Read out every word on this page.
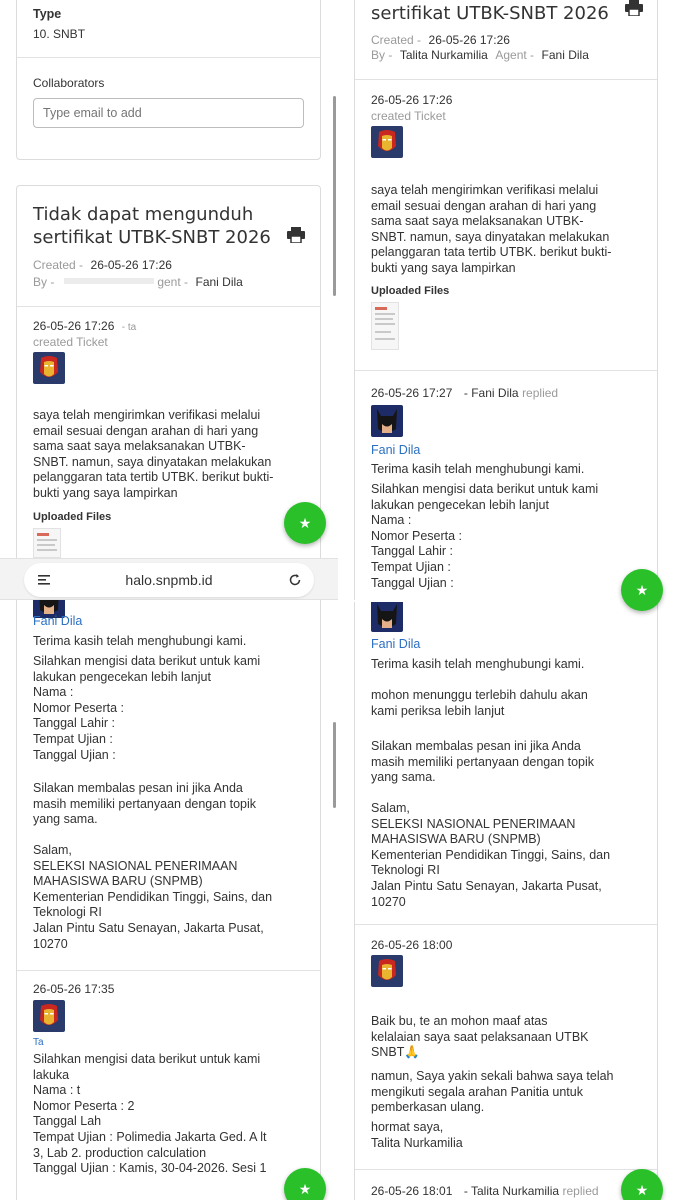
Type
10. SNBT
Collaborators
Type email to add
Tidak dapat mengunduh
sertifikat UTBK-SNBT 2026
Created - 26-05-26 17:26
By -	gent - Fani Dila
26-05-26 17:26 - ta
created Ticket
saya telah mengirimkan verifikasi melalui
email sesuai dengan arahan di hari yang
sama saat saya melaksanakan UTBK-
SNBT. namun, saya dinyatakan melakukan
pelanggaran tata tertib UTBK. berikut bukti-
bukti yang saya lampirkan
Uploaded Files
Fani Dila
Terima kasih telah menghubungi kami.
Silahkan mengisi data berikut untuk kami
lakukan pengecekan lebih lanjut
Nama :
Nomor Peserta :
Tanggal Lahir :
Tempat Ujian :
Tanggal Ujian :
Silakan membalas pesan ini jika Anda
masih memiliki pertanyaan dengan topik
yang sama.
Salam,
SELEKSI NASIONAL PENERIMAAN
MAHASISWA BARU (SNPMB)
Kementerian Pendidikan Tinggi, Sains, dan
Teknologi RI
Jalan Pintu Satu Senayan, Jakarta Pusat,
10270
26-05-26 17:35
Ta
Silahkan mengisi data berikut untuk kami
lakuka
Nama : t
Nomor Peserta : 2
Tanggal Lah
Tempat Ujian : Polimedia Jakarta Ged. A lt
3, Lab 2. production calculation
Tanggal Ujian : Kamis, 30-04-2026. Sesi 1
halo.snpmb.id
★
★
sertifikat UTBK-SNBT 2026
Created - 26-05-26 17:26
By - Talita Nurkamilia Agent - Fani Dila
26-05-26 17:26
created Ticket
saya telah mengirimkan verifikasi melalui
email sesuai dengan arahan di hari yang
sama saat saya melaksanakan UTBK-
SNBT. namun, saya dinyatakan melakukan
pelanggaran tata tertib UTBK. berikut bukti-
bukti yang saya lampirkan
Uploaded Files
26-05-26 17:27 - Fani Dila replied
Fani Dila
Terima kasih telah menghubungi kami.
Silahkan mengisi data berikut untuk kami
lakukan pengecekan lebih lanjut
Nama :
Nomor Peserta :
Tanggal Lahir :
Tempat Ujian :
Tanggal Ujian :
Fani Dila
Terima kasih telah menghubungi kami.
mohon menunggu terlebih dahulu akan
kami periksa lebih lanjut
Silakan membalas pesan ini jika Anda
masih memiliki pertanyaan dengan topik
yang sama.
Salam,
SELEKSI NASIONAL PENERIMAAN
MAHASISWA BARU (SNPMB)
Kementerian Pendidikan Tinggi, Sains, dan
Teknologi RI
Jalan Pintu Satu Senayan, Jakarta Pusat,
10270
26-05-26 18:00
Baik bu, te an mohon maaf atas
kelalaian saya saat pelaksanaan UTBK
SNBT🙏
namun, Saya yakin sekali bahwa saya telah
mengikuti segala arahan Panitia untuk
pemberkasan ulang.
hormat saya,
Talita Nurkamilia
26-05-26 18:01 - Talita Nurkamilia replied
★
★
